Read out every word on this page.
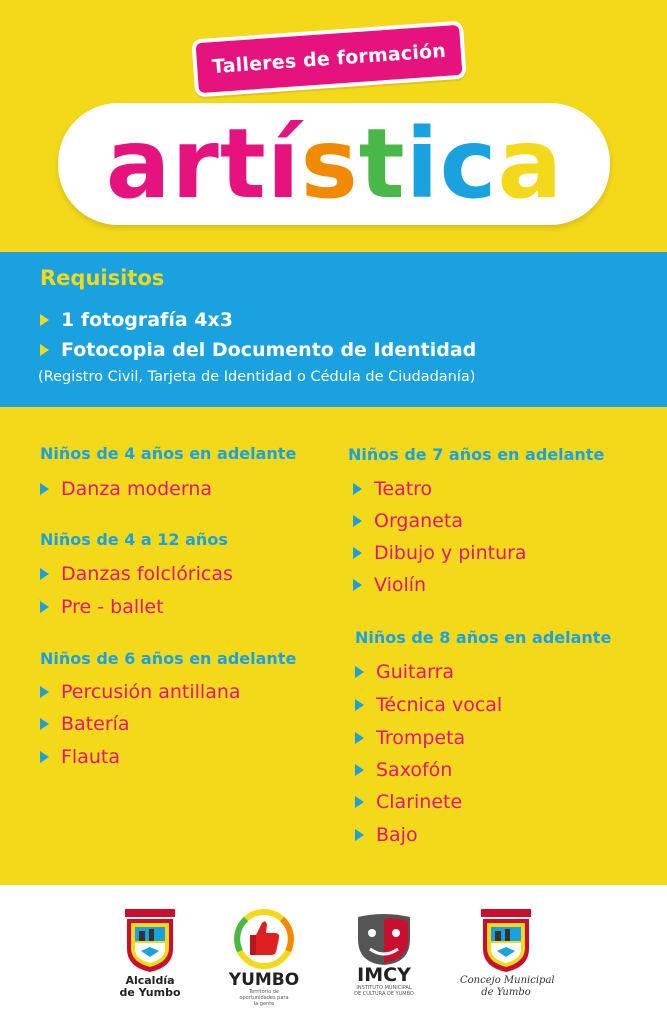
Talleres de formación
a r t í s t i c a
Requisitos
1 fotografía 4x3
Fotocopia del Documento de Identidad
(Registro Civil, Tarjeta de Identidad o Cédula de Ciudadanía)
Niños de 4 años en adelante
Danza moderna
Niños de 4 a 12 años
Danzas folclóricas
Pre - ballet
Niños de 6 años en adelante
Percusión antillana
Batería
Flauta
Niños de 7 años en adelante
Teatro
Organeta
Dibujo y pintura
Violín
Niños de 8 años en adelante
Guitarra
Técnica vocal
Trompeta
Saxofón
Clarinete
Bajo
Alcaldía
de Yumbo
YUMBO
Territorio de oportunidades para la gente
IMCY
INSTITUTO MUNICIPAL DE CULTURA DE YUMBO
Concejo Municipal
de Yumbo
